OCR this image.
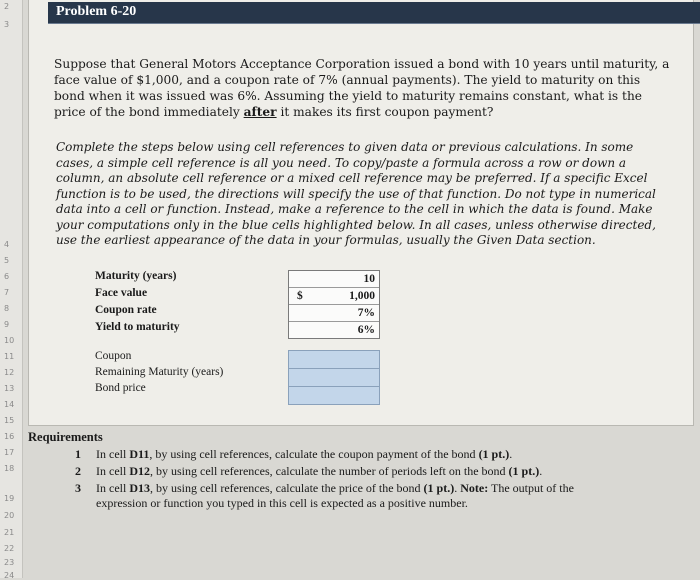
2
3
4
5
6
7
8
9
10
11
12
13
14
15
16
17
18
19
20
21
22
23
24
Problem 6-20
Suppose that General Motors Acceptance Corporation issued a bond with 10 years until maturity, a face value of $1,000, and a coupon rate of 7% (annual payments). The yield to maturity on this bond when it was issued was 6%. Assuming the yield to maturity remains constant, what is the price of the bond immediately after it makes its first coupon payment?
Complete the steps below using cell references to given data or previous calculations. In some cases, a simple cell reference is all you need. To copy/paste a formula across a row or down a column, an absolute cell reference or a mixed cell reference may be preferred. If a specific Excel function is to be used, the directions will specify the use of that function. Do not type in numerical data into a cell or function. Instead, make a reference to the cell in which the data is found. Make your computations only in the blue cells highlighted below. In all cases, unless otherwise directed, use the earliest appearance of the data in your formulas, usually the Given Data section.
Maturity (years)
Face value
Coupon rate
Yield to maturity
10
$	1,000
7%
6%
Coupon
Remaining Maturity (years)
Bond price
Requirements
1 In cell D11, by using cell references, calculate the coupon payment of the bond (1 pt.).
2 In cell D12, by using cell references, calculate the number of periods left on the bond (1 pt.).
3 In cell D13, by using cell references, calculate the price of the bond (1 pt.). Note: The output of the expression or function you typed in this cell is expected as a positive number.
